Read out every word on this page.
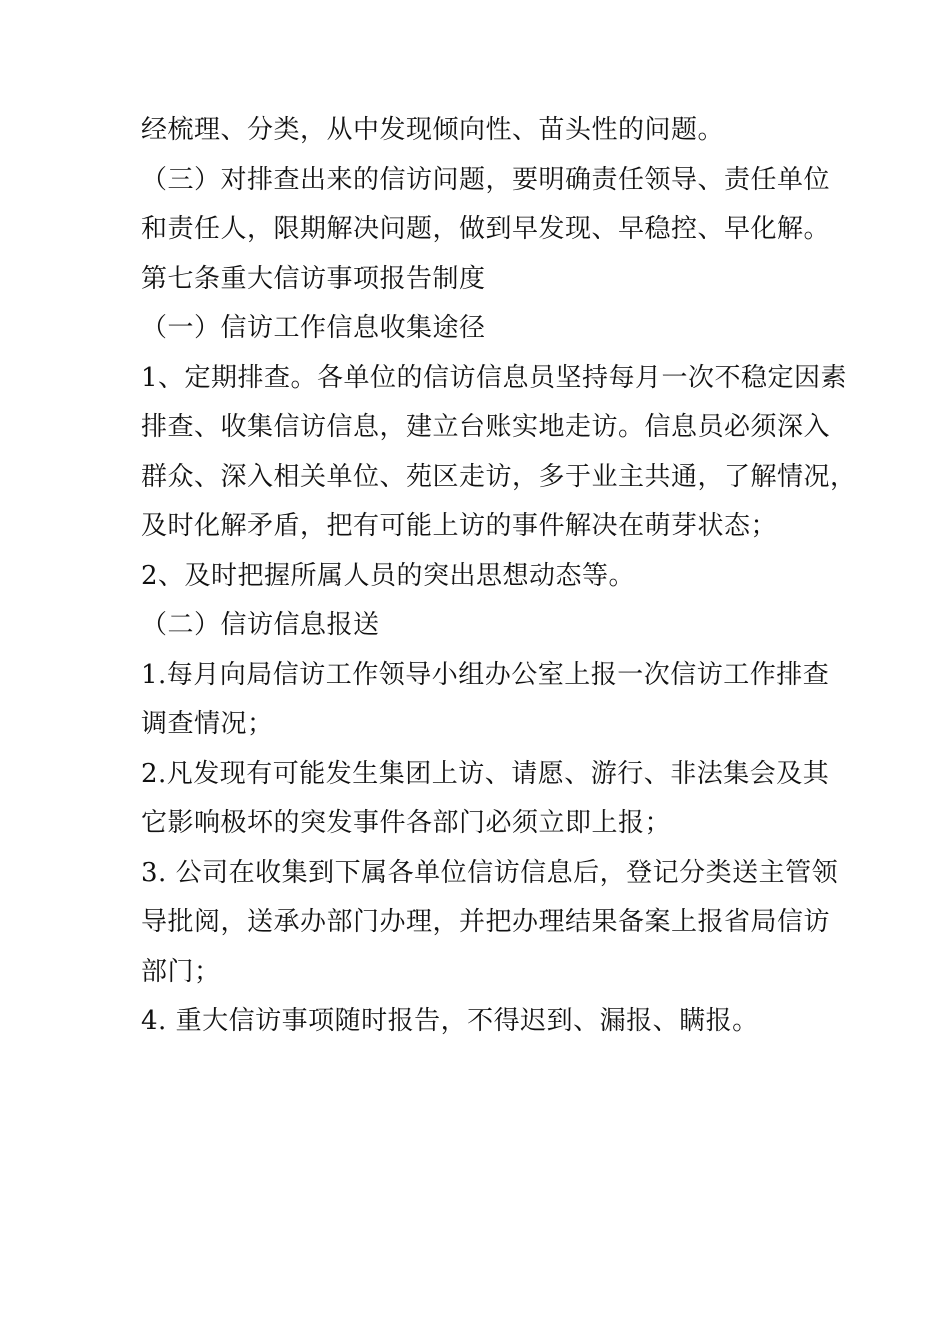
经梳理、分类，从中发现倾向性、苗头性的问题。
（三）对排查出来的信访问题，要明确责任领导、责任单位
和责任人，限期解决问题，做到早发现、早稳控、早化解。
第七条重大信访事项报告制度
（一）信访工作信息收集途径
1、定期排查。各单位的信访信息员坚持每月一次不稳定因素
排查、收集信访信息，建立台账实地走访。信息员必须深入
群众、深入相关单位、苑区走访，多于业主共通，了解情况，
及时化解矛盾，把有可能上访的事件解决在萌芽状态；
2、及时把握所属人员的突出思想动态等。
（二）信访信息报送
1.每月向局信访工作领导小组办公室上报一次信访工作排查
调查情况；
2.凡发现有可能发生集团上访、请愿、游行、非法集会及其
它影响极坏的突发事件各部门必须立即上报；
3. 公司在收集到下属各单位信访信息后，登记分类送主管领
导批阅，送承办部门办理，并把办理结果备案上报省局信访
部门；
4. 重大信访事项随时报告，不得迟到、漏报、瞒报。
